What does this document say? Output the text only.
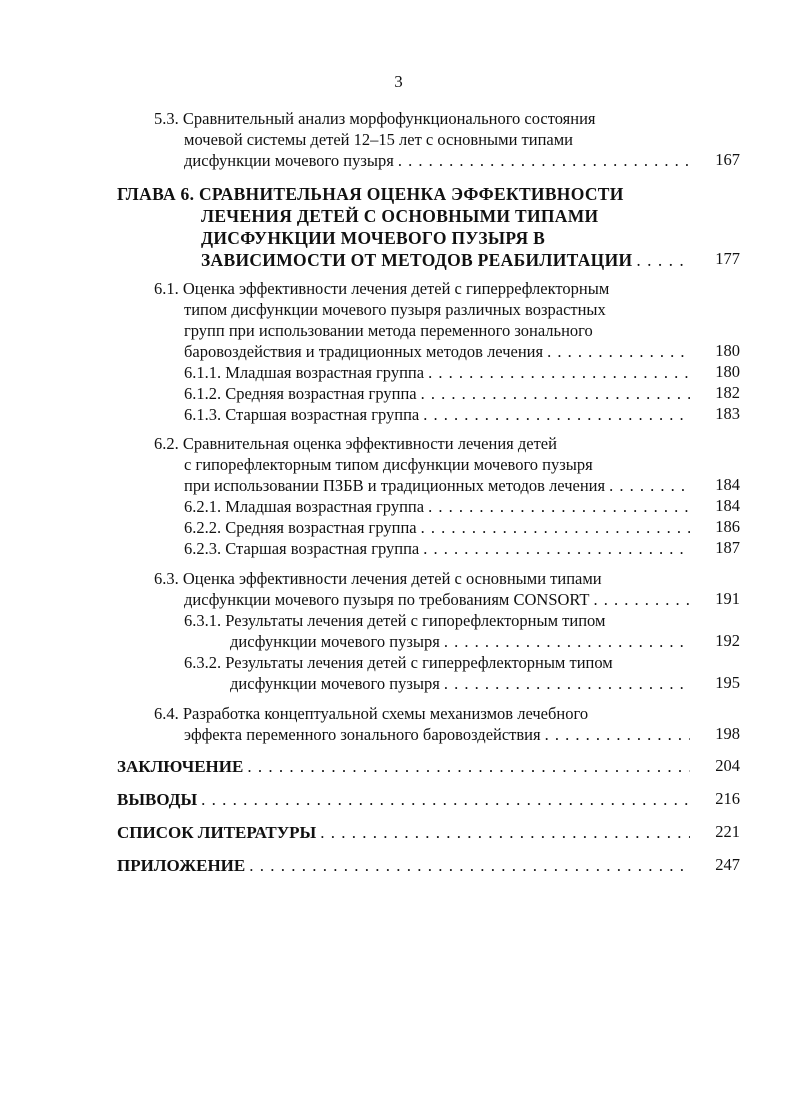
3
5.3. Сравнительный анализ морфофункционального состояния
мочевой системы детей 12–15 лет с основными типами
дисфункции мочевого пузыря . . .	167
ГЛАВА 6. СРАВНИТЕЛЬНАЯ ОЦЕНКА ЭФФЕКТИВНОСТИ
ЛЕЧЕНИЯ ДЕТЕЙ С ОСНОВНЫМИ ТИПАМИ
ДИСФУНКЦИИ МОЧЕВОГО ПУЗЫРЯ В
ЗАВИСИМОСТИ ОТ МЕТОДОВ РЕАБИЛИТАЦИИ . . .	177
6.1. Оценка эффективности лечения детей с гиперрефлекторным
типом дисфункции мочевого пузыря различных возрастных
групп при использовании метода переменного зонального
баровоздействия и традиционных методов лечения . . .	180
6.1.1. Младшая возрастная группа . . .	180
6.1.2. Средняя возрастная группа . . .	182
6.1.3. Старшая возрастная группа . . .	183
6.2. Сравнительная оценка эффективности лечения детей
с гипорефлекторным типом дисфункции мочевого пузыря
при использовании ПЗБВ и традиционных методов лечения . . .	184
6.2.1. Младшая возрастная группа . . .	184
6.2.2. Средняя возрастная группа . . .	186
6.2.3. Старшая возрастная группа . . .	187
6.3. Оценка эффективности лечения детей с основными типами
дисфункции мочевого пузыря по требованиям CONSORT . . .	191
6.3.1. Результаты лечения детей с гипорефлекторным типом
дисфункции мочевого пузыря . . .	192
6.3.2. Результаты лечения детей с гиперрефлекторным типом
дисфункции мочевого пузыря . . .	195
6.4. Разработка концептуальной схемы механизмов лечебного
эффекта переменного зонального баровоздействия . . .	198
ЗАКЛЮЧЕНИЕ . . .	204
ВЫВОДЫ . . .	216
СПИСОК ЛИТЕРАТУРЫ . . .	221
ПРИЛОЖЕНИЕ . . .	247
